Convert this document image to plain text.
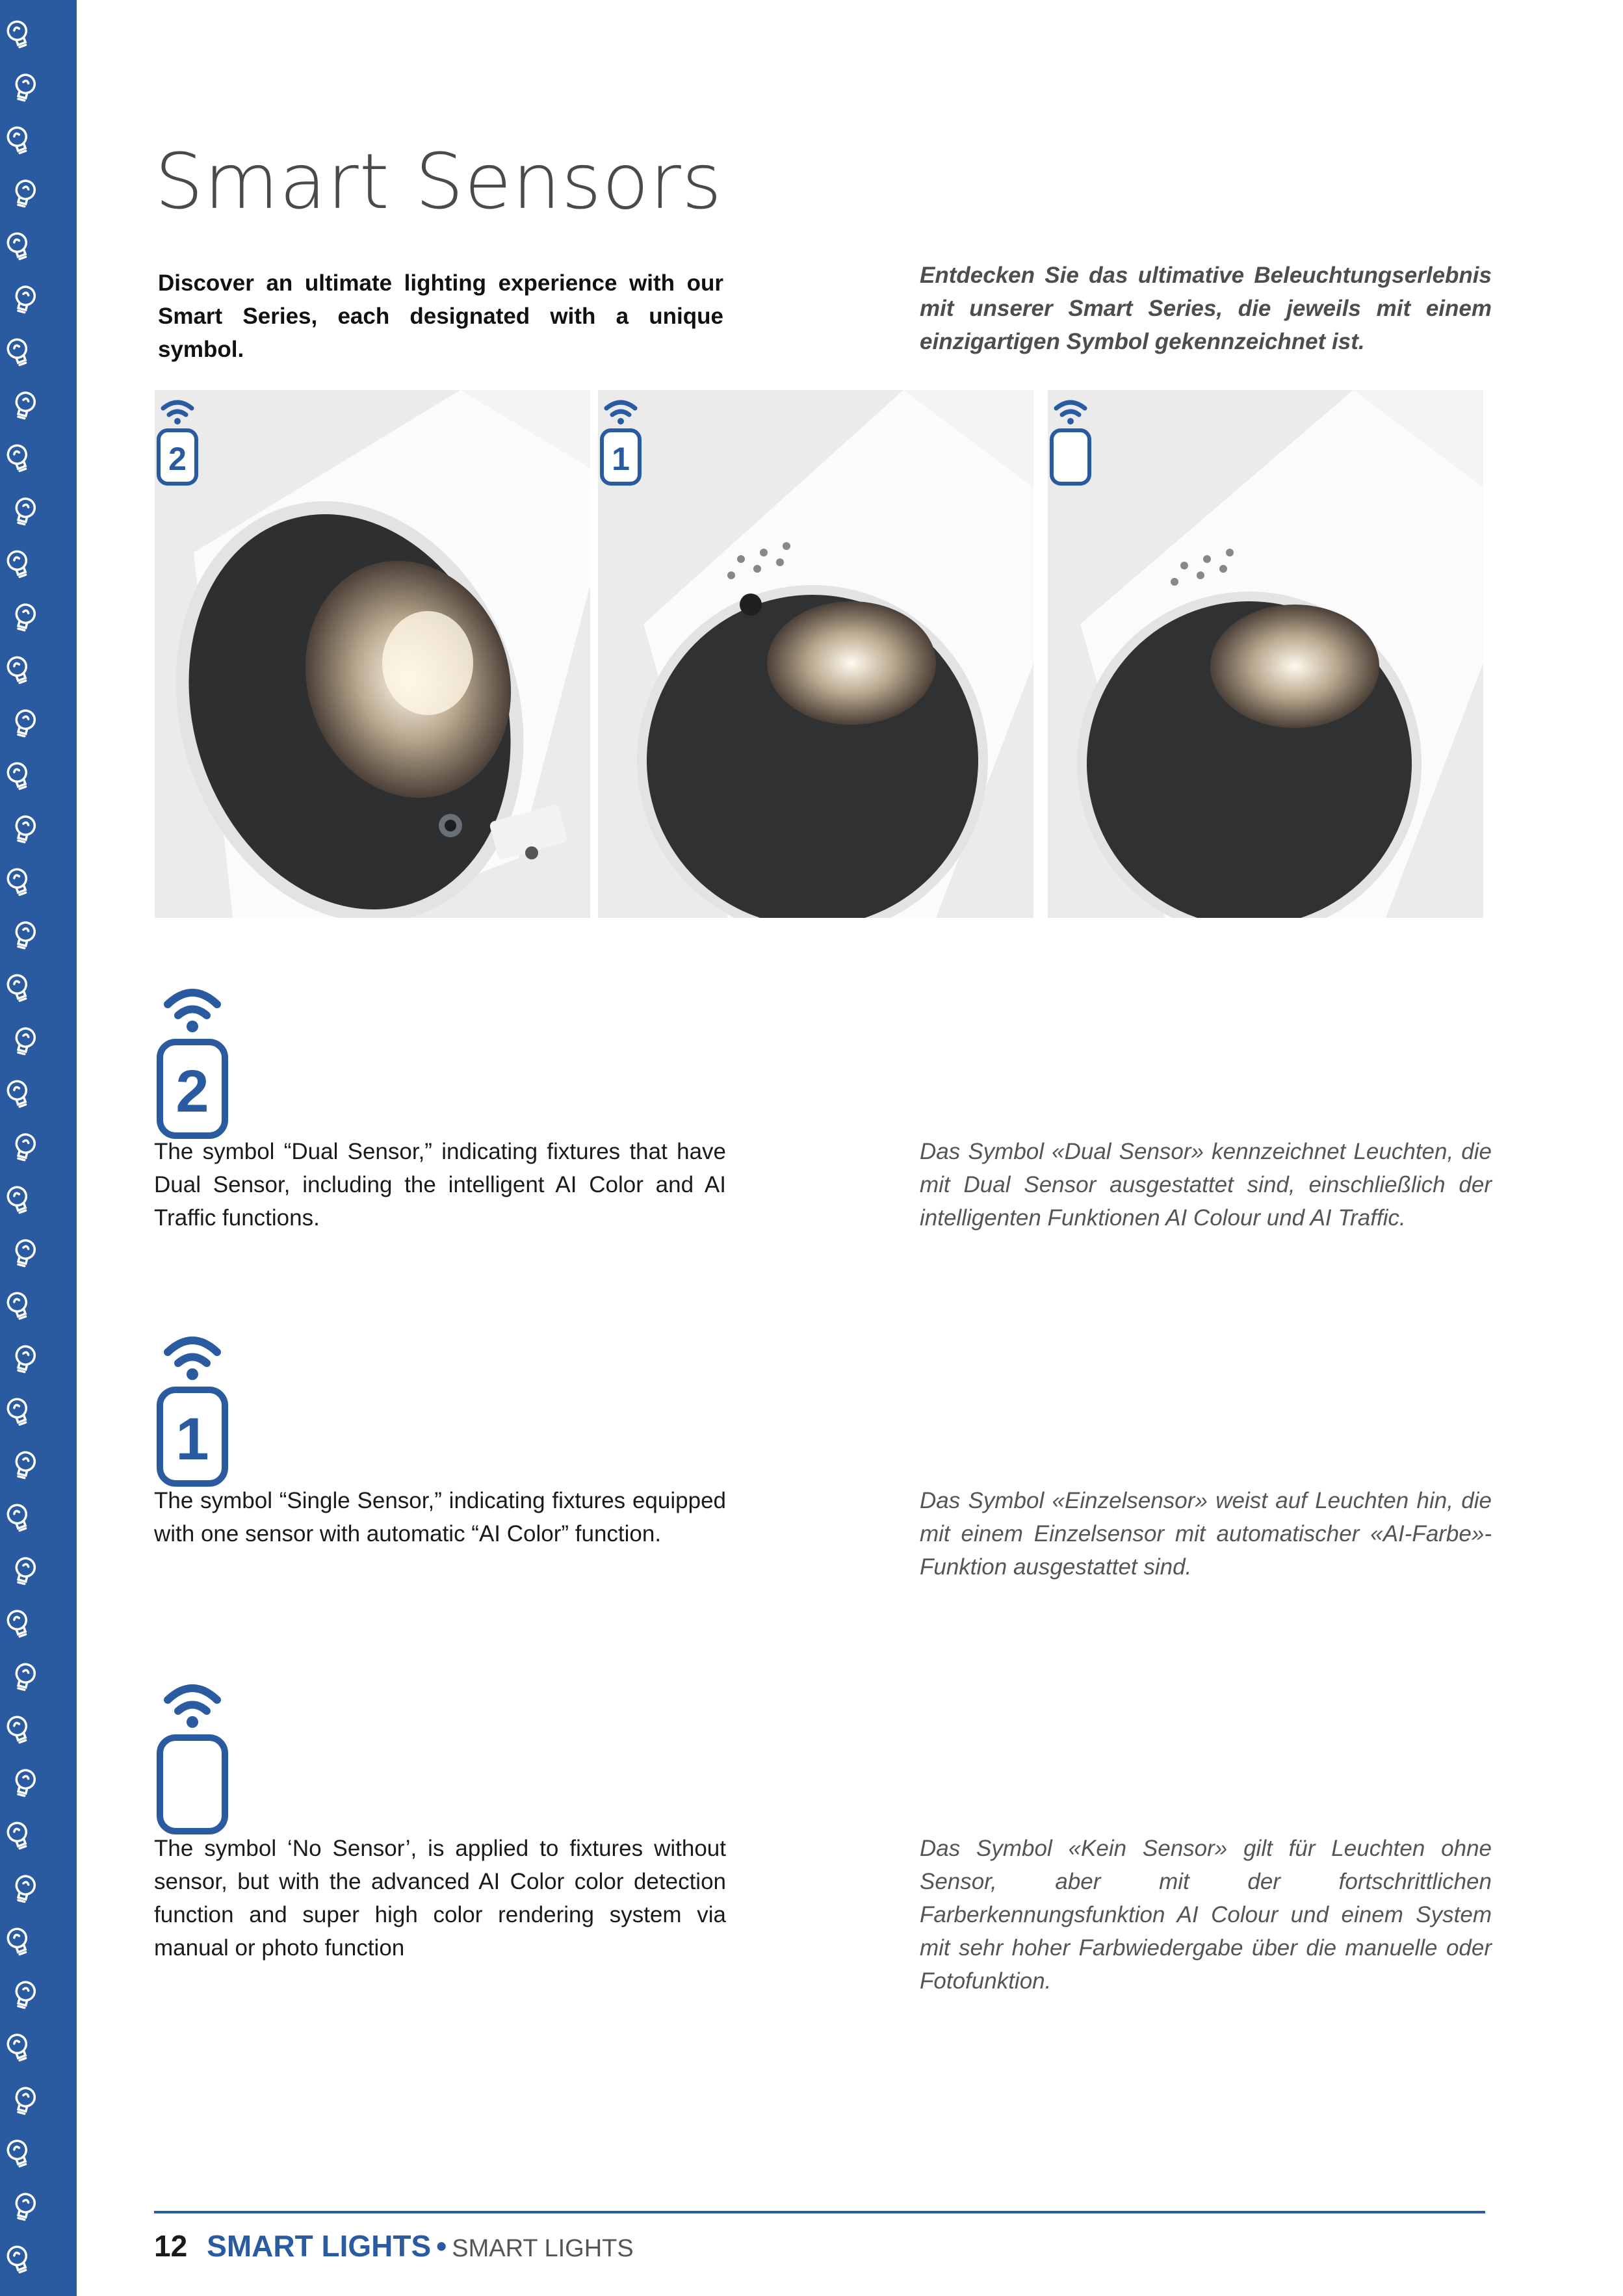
Smart Sensors
Discover an ultimate lighting experience with our Smart Series, each designated with a unique symbol.
Entdecken Sie das ultimative Beleuchtungserlebnis mit unserer Smart Series, die jeweils mit einem einzigartigen Symbol gekennzeichnet ist.
2	1
2
The symbol “Dual Sensor,” indicating fixtures that have Dual Sensor, including the intelligent AI Color and AI Traffic functions.
Das Symbol «Dual Sensor» kennzeichnet Leuchten, die mit Dual Sensor ausgestattet sind, einschließlich der intelligenten Funktionen AI Colour und AI Traffic.
1
The symbol “Single Sensor,” indicating fixtures equipped with one sensor with automatic “AI Color” function.
Das Symbol «Einzelsensor» weist auf Leuchten hin, die mit einem Einzelsensor mit automatischer «AI-Farbe»-Funktion ausgestattet sind.
The symbol ‘No Sensor’, is applied to fixtures without sensor, but with the advanced AI Color color detection function and super high color rendering system via manual or photo function
Das Symbol «Kein Sensor» gilt für Leuchten ohne Sensor, aber mit der fortschrittlichen Farberkennungsfunktion AI Colour und einem System mit sehr hoher Farbwiedergabe über die manuelle oder Fotofunktion.
12 SMART LIGHTS • SMART LIGHTS
